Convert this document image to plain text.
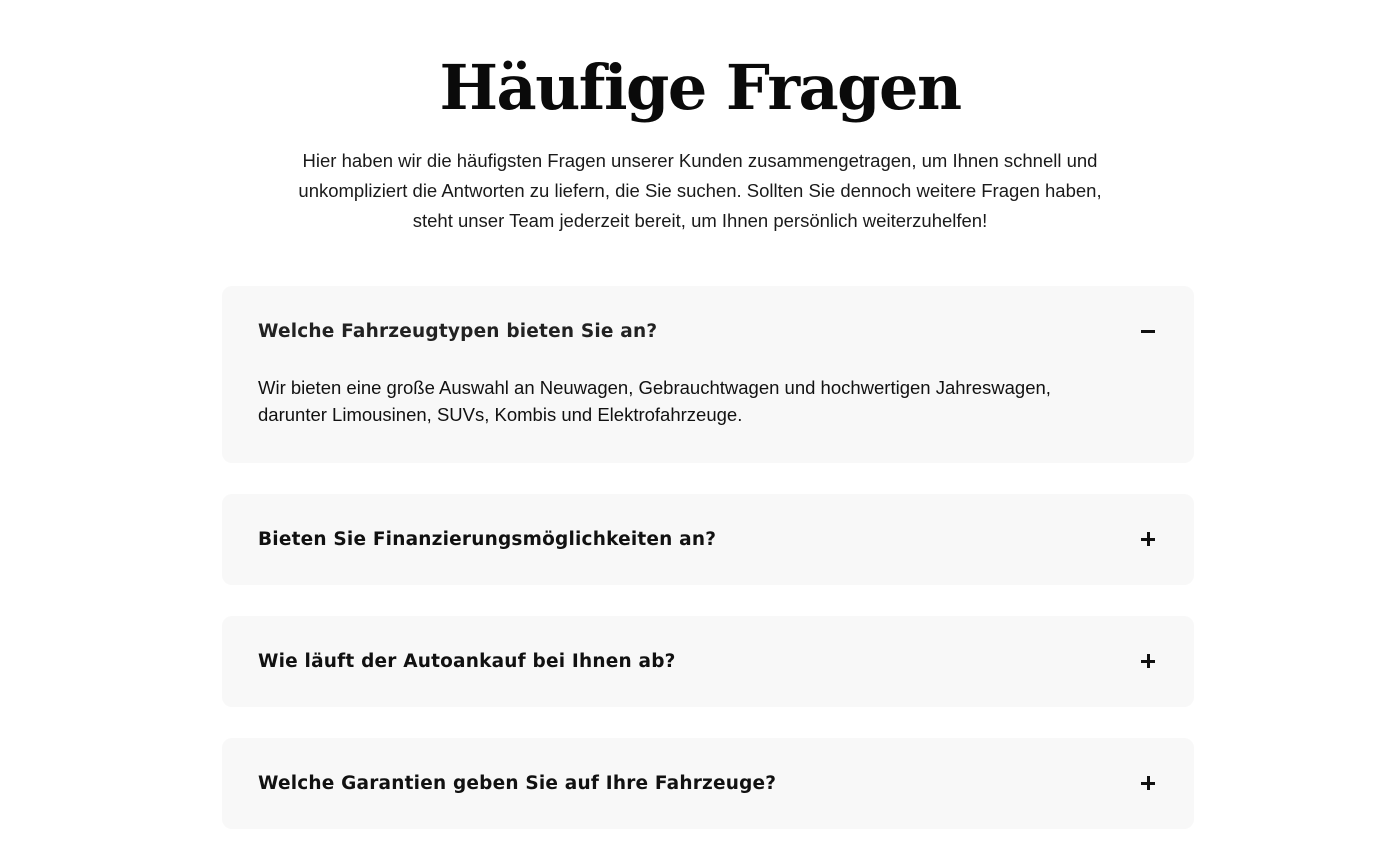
Häufige Fragen

Hier haben wir die häufigsten Fragen unserer Kunden zusammengetragen, um Ihnen schnell und unkompliziert die Antworten zu liefern, die Sie suchen. Sollten Sie dennoch weitere Fragen haben, steht unser Team jederzeit bereit, um Ihnen persönlich weiterzuhelfen!

Welche Fahrzeugtypen bieten Sie an?
Wir bieten eine große Auswahl an Neuwagen, Gebrauchtwagen und hochwertigen Jahreswagen, darunter Limousinen, SUVs, Kombis und Elektrofahrzeuge.
Bieten Sie Finanzierungsmöglichkeiten an?
Wie läuft der Autoankauf bei Ihnen ab?
Welche Garantien geben Sie auf Ihre Fahrzeuge?
